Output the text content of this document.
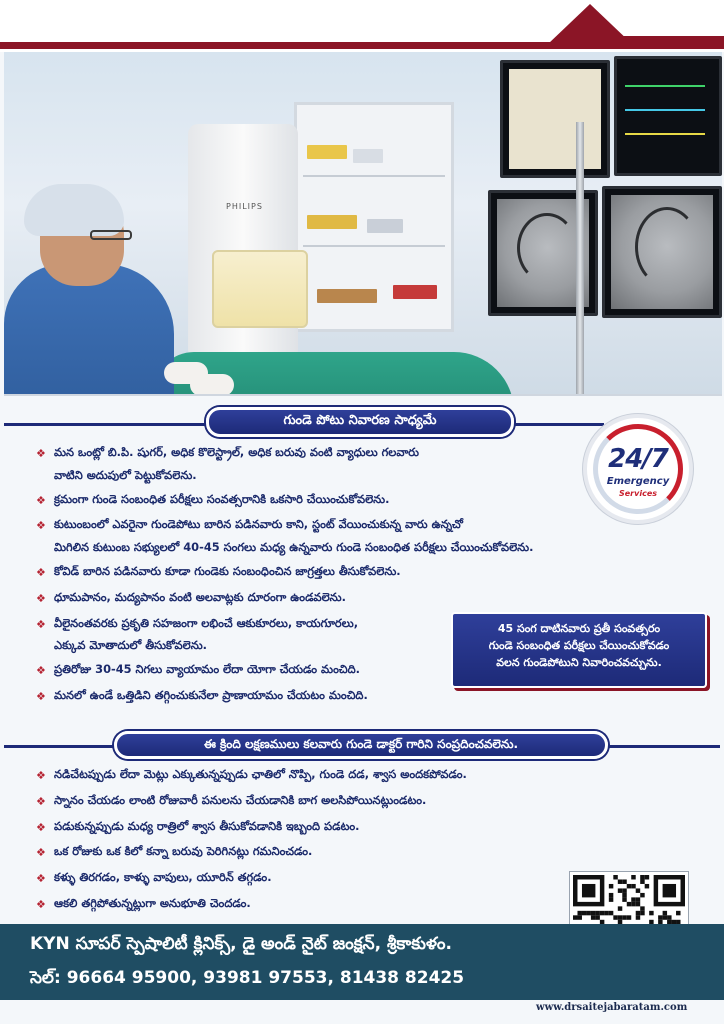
PHILIPS
గుండె పోటు నివారణ సాధ్యమే
❖ మన ఒంట్లో బి.పి. షుగర్, అధిక కొలెస్ట్రాల్, అధిక బరువు వంటి వ్యాధులు గలవారు
వాటిని అదుపులో పెట్టుకోవలెను.
❖ క్రమంగా గుండె సంబంధిత పరీక్షలు సంవత్సరానికి ఒకసారి చేయించుకోవలెను.
❖ కుటుంబంలో ఎవరైనా గుండెపోటు బారిన పడినవారు కాని, స్టంట్ వేయించుకున్న వారు ఉన్నచో
మిగిలిన కుటుంబ సభ్యులలో 40-45 సంగలు మధ్య ఉన్నవారు గుండె సంబంధిత పరీక్షలు చేయించుకోవలెను.
❖ కోవిడ్ బారిన పడినవారు కూడా గుండెకు సంబంధించిన జాగ్రత్తలు తీసుకోవలెను.
❖ ధూమపానం, మద్యపానం వంటి అలవాట్లకు దూరంగా ఉండవలెను.
❖ వీలైనంతవరకు ప్రకృతి సహజంగా లభించే ఆకుకూరలు, కాయగూరలు,
ఎక్కువ మోతాదులో తీసుకోవలెను.
❖ ప్రతిరోజు 30-45 నిగలు వ్యాయామం లేదా యోగా చేయడం మంచిది.
❖ మనలో ఉండే ఒత్తిడిని తగ్గించుకునేలా ప్రాణాయామం చేయటం మంచిది.
24/7
Emergency
Services
45 సంగ దాటినవారు ప్రతీ సంవత్సరం
గుండె సంబంధిత పరీక్షలు చేయించుకోవడం
వలన గుండెపోటుని నివారించవచ్చును.
ఈ క్రింది లక్షణములు కలవారు గుండె డాక్టర్ గారిని సంప్రదించవలెను.
❖ నడిచేటప్పుడు లేదా మెట్లు ఎక్కుతున్నప్పుడు ఛాతిలో నొప్పి, గుండె దడ, శ్వాస అందకపోవడం.
❖ స్నానం చేయడం లాంటి రోజువారీ పనులను చేయడానికి బాగ అలసిపోయినట్లుండటం.
❖ పడుకున్నప్పుడు మధ్య రాత్రిలో శ్వాస తీసుకోవడానికి ఇబ్బంది పడటం.
❖ ఒక రోజుకు ఒక కిలో కన్నా బరువు పెరిగినట్లు గమనించడం.
❖ కళ్ళు తిరగడం, కాళ్ళు వాపులు, యూరిన్ తగ్గడం.
❖ ఆకలి తగ్గిపోతున్నట్లుగా అనుభూతి చెందడం.
KYN సూపర్ స్పెషాలిటీ క్లినిక్స్, డై అండ్ నైట్ జంక్షన్, శ్రీకాకుళం.
సెల్: 96664 95900, 93981 97553, 81438 82425
www.drsaitejabaratam.com
